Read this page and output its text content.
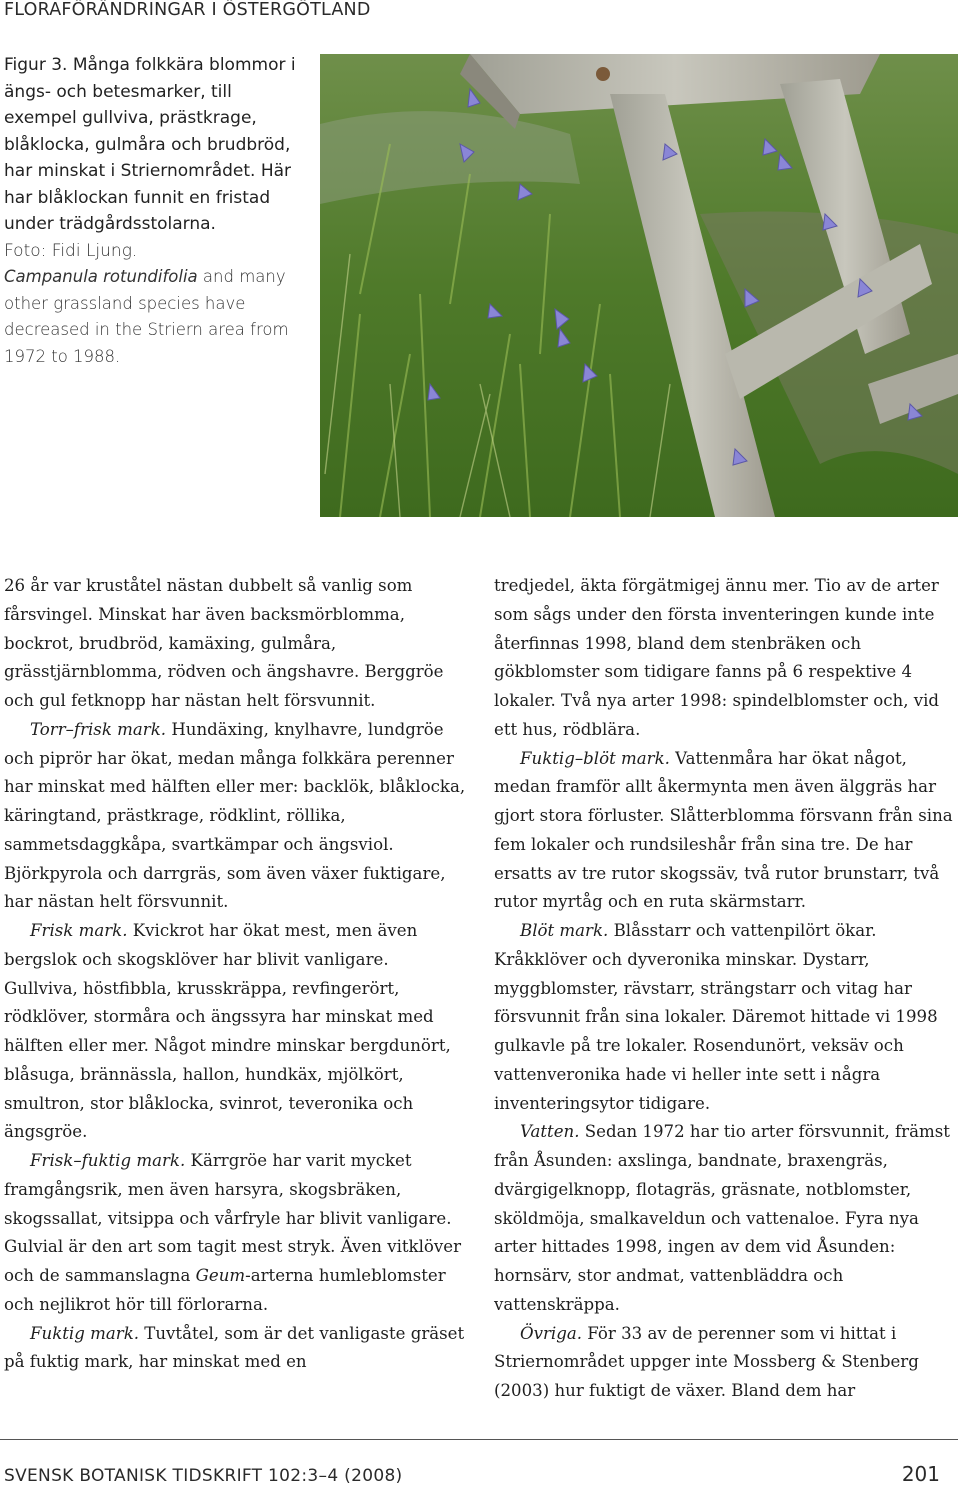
FLORAFÖRÄNDRINGAR I ÖSTERGÖTLAND

Figur 3. Många folkkära blommor i ängs- och betesmarker, till exempel gullviva, prästkrage, blåklocka, gulmåra och brudbröd, har minskat i Striernområdet. Här har blåklockan funnit en fristad under trädgårdsstolarna.

Foto: Fidi Ljung.

Campanula rotundifolia and many other grassland species have decreased in the Striern area from 1972 to 1988.

26 år var kruståtel nästan dubbelt så vanlig som fårsvingel. Minskat har även backsmörblomma, bockrot, brudbröd, kamäxing, gulmåra, grässtjärnblomma, rödven och ängshavre. Berggröe och gul fetknopp har nästan helt försvunnit.

Torr–frisk mark. Hundäxing, knylhavre, lundgröe och piprör har ökat, medan många folkkära perenner har minskat med hälften eller mer: backlök, blåklocka, käringtand, prästkrage, rödklint, röllika, sammetsdaggkåpa, svartkämpar och ängsviol. Björkpyrola och darrgräs, som även växer fuktigare, har nästan helt försvunnit.

Frisk mark. Kvickrot har ökat mest, men även bergslok och skogsklöver har blivit vanligare. Gullviva, höstfibbla, krusskräppa, revfingerört, rödklöver, stormåra och ängssyra har minskat med hälften eller mer. Något mindre minskar bergdunört, blåsuga, brännässla, hallon, hundkäx, mjölkört, smultron, stor blåklocka, svinrot, teveronika och ängsgröe.

Frisk–fuktig mark. Kärrgröe har varit mycket framgångsrik, men även harsyra, skogsbräken, skogssallat, vitsippa och vårfryle har blivit vanligare. Gulvial är den art som tagit mest stryk. Även vitklöver och de sammanslagna Geum-arterna humleblomster och nejlikrot hör till förlorarna.

Fuktig mark. Tuvtåtel, som är det vanligaste gräset på fuktig mark, har minskat med en

tredjedel, äkta förgätmigej ännu mer. Tio av de arter som sågs under den första inventeringen kunde inte återfinnas 1998, bland dem stenbräken och gökblomster som tidigare fanns på 6 respektive 4 lokaler. Två nya arter 1998: spindelblomster och, vid ett hus, rödblära.

Fuktig–blöt mark. Vattenmåra har ökat något, medan framför allt åkermynta men även älggräs har gjort stora förluster. Slåtterblomma försvann från sina fem lokaler och rundsileshår från sina tre. De har ersatts av tre rutor skogssäv, två rutor brunstarr, två rutor myrtåg och en ruta skärmstarr.

Blöt mark. Blåsstarr och vattenpilört ökar. Kråkklöver och dyveronika minskar. Dystarr, myggblomster, rävstarr, strängstarr och vitag har försvunnit från sina lokaler. Däremot hittade vi 1998 gulkavle på tre lokaler. Rosendunört, veksäv och vattenveronika hade vi heller inte sett i några inventeringsytor tidigare.

Vatten. Sedan 1972 har tio arter försvunnit, främst från Åsunden: axslinga, bandnate, braxengräs, dvärgigelknopp, flotagräs, gräsnate, notblomster, sköldmöja, smalkaveldun och vattenaloe. Fyra nya arter hittades 1998, ingen av dem vid Åsunden: hornsärv, stor andmat, vattenbläddra och vattenskräppa.

Övriga. För 33 av de perenner som vi hittat i Striernområdet uppger inte Mossberg & Stenberg (2003) hur fuktigt de växer. Bland dem har

SVENSK BOTANISK TIDSKRIFT 102:3–4 (2008)	201
